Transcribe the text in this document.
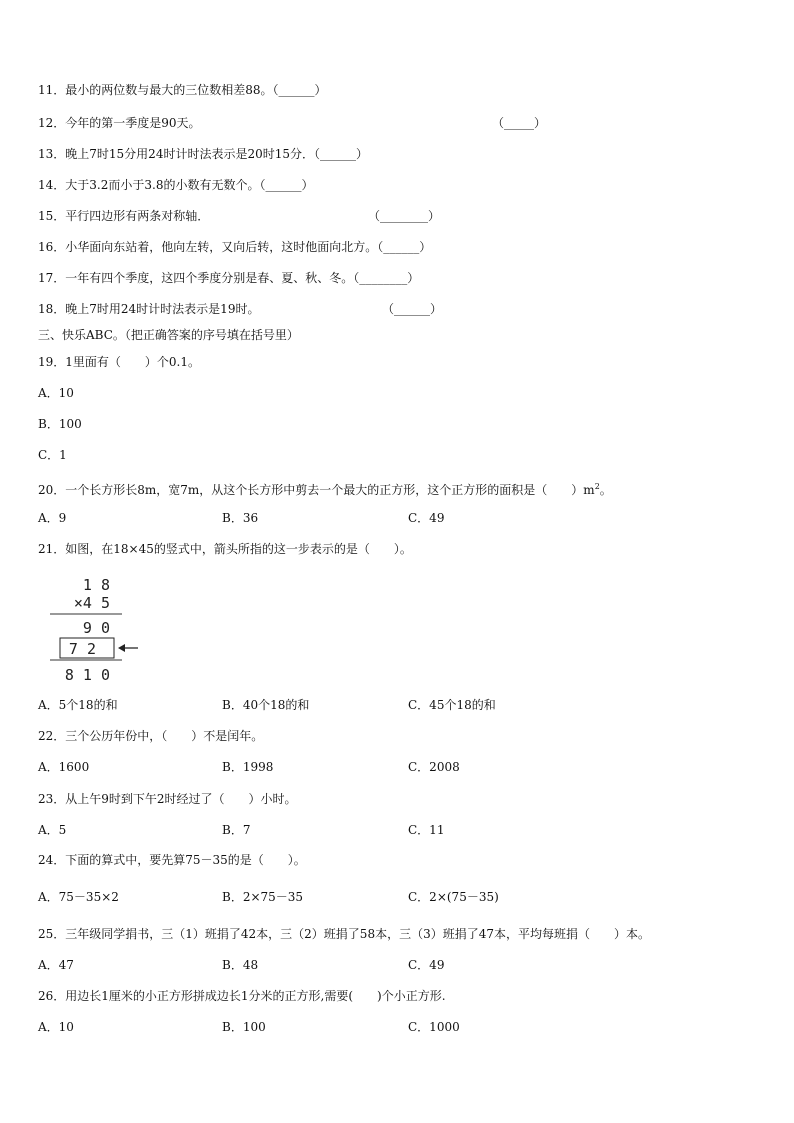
11．最小的两位数与最大的三位数相差88。（______）
12．今年的第一季度是90天。	（_____）
13．晚上7时15分用24时计时法表示是20时15分．（______）
14．大于3.2而小于3.8的小数有无数个。（______）
15．平行四边形有两条对称轴．	（________）
16．小华面向东站着，他向左转，又向后转，这时他面向北方。（______）
17．一年有四个季度，这四个季度分别是春、夏、秋、冬。（________）
18．晚上7时用24时计时法表示是19时。	（______）
三、快乐ABC。（把正确答案的序号填在括号里）
19．1里面有（　　）个0.1。
A．10
B．100
C．1
20．一个长方形长8m，宽7m，从这个长方形中剪去一个最大的正方形，这个正方形的面积是（　　）$m^2$。
A．9	B．36	C．49
21．如图，在18×45的竖式中，箭头所指的这一步表示的是（　　）。
1 8
×4 5
9 0
7 2
8 1 0
A．5个18的和	B．40个18的和	C．45个18的和
22．三个公历年份中，（　　）不是闰年。
A．1600	B．1998	C．2008
23．从上午9时到下午2时经过了（　　）小时。
A．5	B．7	C．11
24．下面的算式中，要先算75－35的是（　　）。
A．75－35×2	B．2×75－35	C．2×(75－35)
25．三年级同学捐书，三（1）班捐了42本，三（2）班捐了58本，三（3）班捐了47本，平均每班捐（　　）本。
A．47	B．48	C．49
26．用边长1厘米的小正方形拼成边长1分米的正方形,需要(　　)个小正方形.
A．10	B．100	C．1000
